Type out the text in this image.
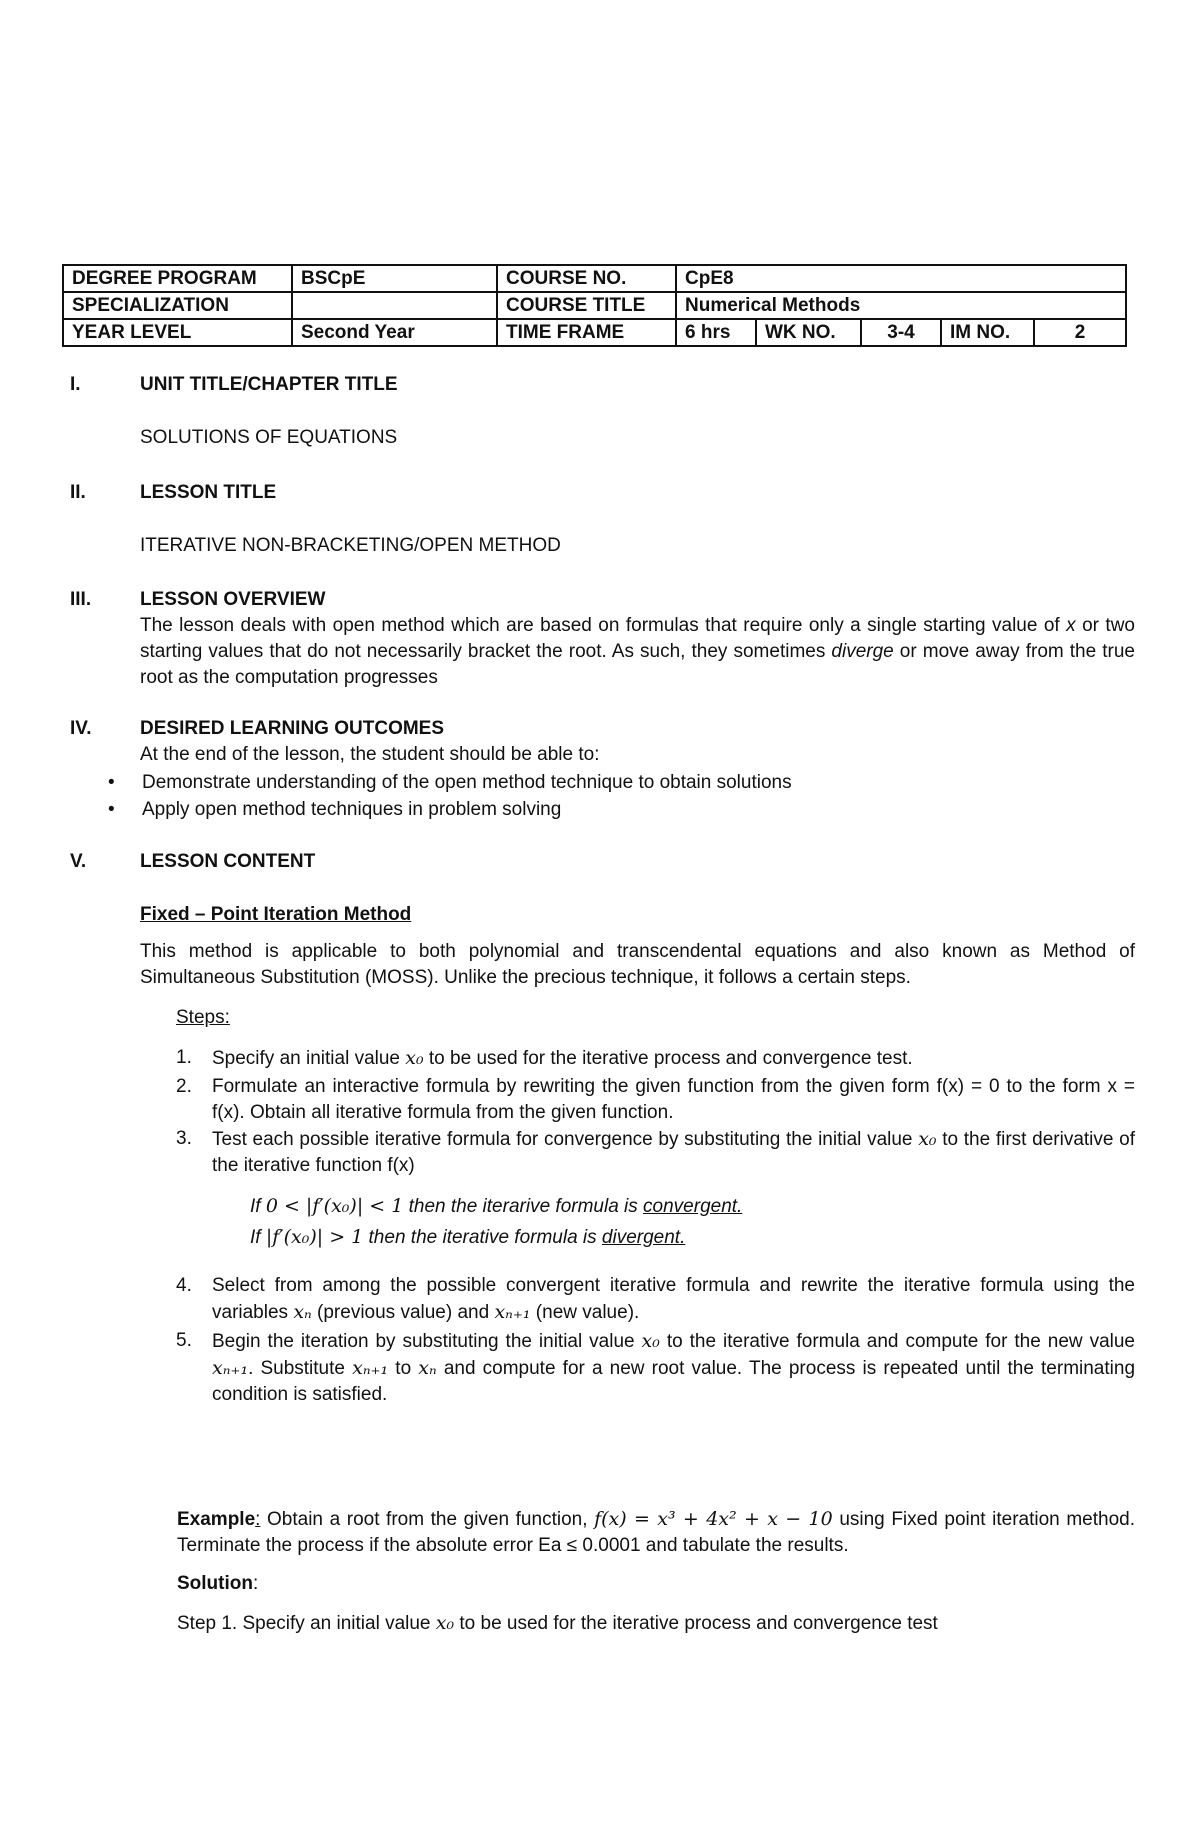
DEGREE PROGRAM	BSCpE	COURSE NO.	CpE8				
SPECIALIZATION		COURSE TITLE	Numerical Methods				
YEAR LEVEL	Second Year	TIME FRAME	6 hrs	WK NO.	3-4	IM NO.	2
I.	UNIT TITLE/CHAPTER TITLE

SOLUTIONS OF EQUATIONS

II.	LESSON TITLE

ITERATIVE NON-BRACKETING/OPEN METHOD

III.	LESSON OVERVIEW

The lesson deals with open method which are based on formulas that require only a single starting value of x or two starting values that do not necessarily bracket the root. As such, they sometimes diverge or move away from the true root as the computation progresses

IV.	DESIRED LEARNING OUTCOMES

At the end of the lesson, the student should be able to:

• Demonstrate understanding of the open method technique to obtain solutions
• Apply open method techniques in problem solving
V.	LESSON CONTENT

Fixed – Point Iteration Method

This method is applicable to both polynomial and transcendental equations and also known as Method of Simultaneous Substitution (MOSS). Unlike the precious technique, it follows a certain steps.

Steps:

1. Specify an initial value 𝑥₀ to be used for the iterative process and convergence test.
2. Formulate an interactive formula by rewriting the given function from the given form f(x) = 0 to the form x = f(x). Obtain all iterative formula from the given function.
3. Test each possible iterative formula for convergence by substituting the initial value 𝑥₀ to the first derivative of the iterative function f(x)

If 0 < |𝑓′(𝑥₀)| < 1 then the iterarive formula is convergent.

If |𝑓′(𝑥₀)| > 1 then the iterative formula is divergent.

4. Select from among the possible convergent iterative formula and rewrite the iterative formula using the variables 𝑥ₙ (previous value) and 𝑥ₙ₊₁ (new value).
5. Begin the iteration by substituting the initial value 𝑥₀ to the iterative formula and compute for the new value 𝑥ₙ₊₁. Substitute 𝑥ₙ₊₁ to 𝑥ₙ and compute for a new root value. The process is repeated until the terminating condition is satisfied.

Example: Obtain a root from the given function, 𝑓(𝑥) = 𝑥³ + 4𝑥² + 𝑥 − 10 using Fixed point iteration method. Terminate the process if the absolute error Ea ≤ 0.0001 and tabulate the results.

Solution:

Step 1. Specify an initial value 𝑥₀ to be used for the iterative process and convergence test
